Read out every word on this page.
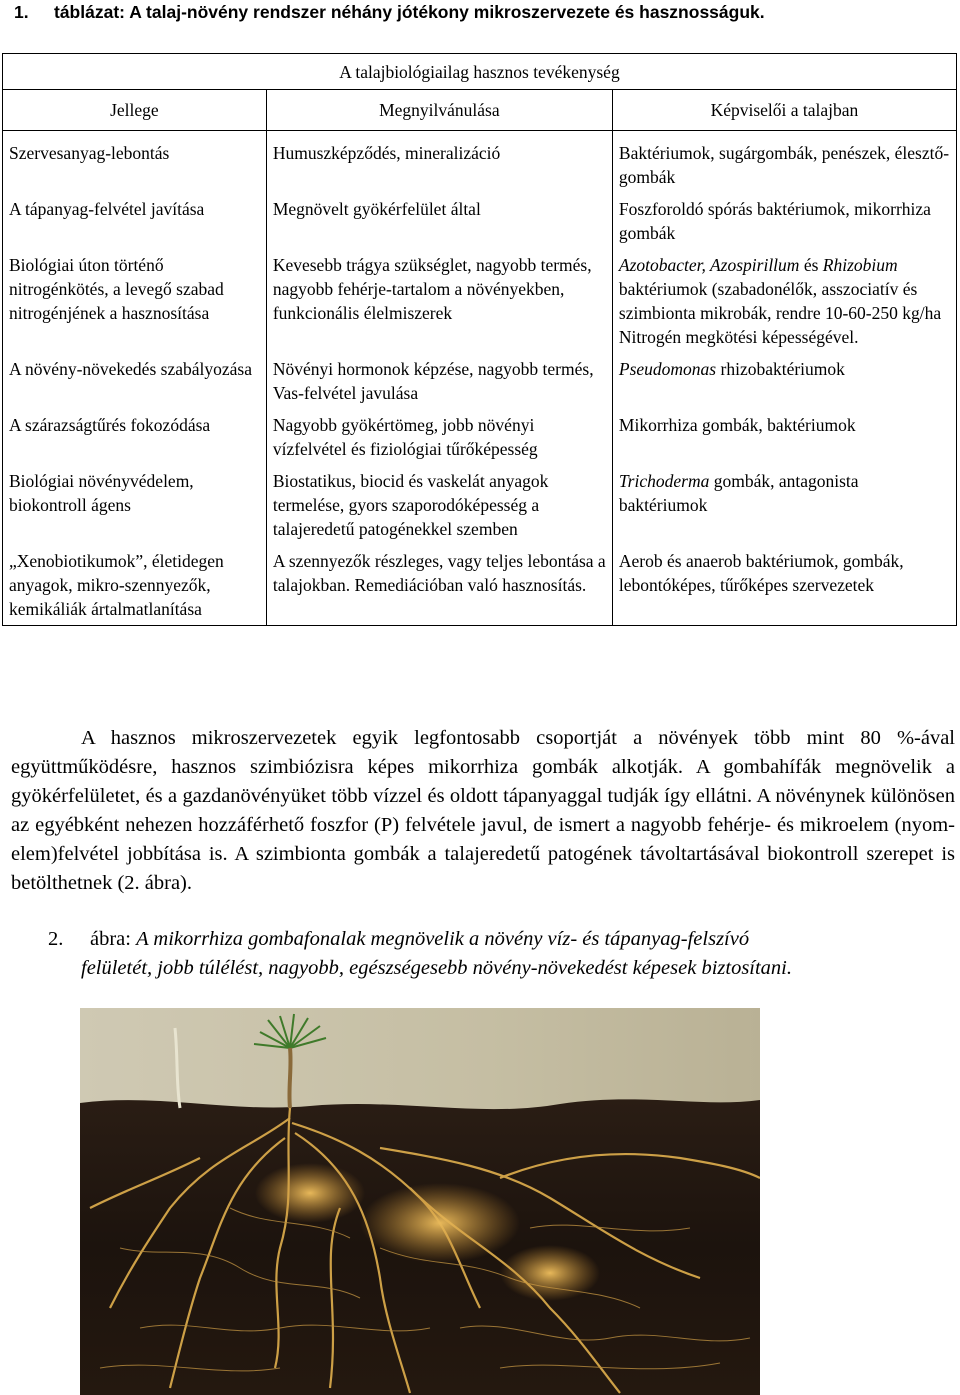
1. táblázat: A talaj-növény rendszer néhány jótékony mikroszervezete és hasznosságuk.
A talajbiológiailag hasznos tevékenység		
Jellege	Megnyilvánulása	Képviselői a talajban
Szervesanyag-lebontás	Humuszképződés, mineralizáció	Baktériumok, sugárgombák, penészek, élesztő-gombák
A tápanyag-felvétel javítása	Megnövelt gyökérfelület által	Foszforoldó spórás baktériumok, mikorrhiza gombák
Biológiai úton történő nitrogénkötés, a levegő szabad nitrogénjének a hasznosítása	Kevesebb trágya szükséglet, nagyobb termés, nagyobb fehérje-tartalom a növényekben, funkcionális élelmiszerek	Azotobacter, Azospirillum és Rhizobium baktériumok (szabadonélők, asszociatív és szimbionta mikrobák, rendre 10-60-250 kg/ha Nitrogén megkötési képességével.
A növény-növekedés szabályozása	Növényi hormonok képzése, nagyobb termés, Vas-felvétel javulása	Pseudomonas rhizobaktériumok
A szárazságtűrés fokozódása	Nagyobb gyökértömeg, jobb növényi vízfelvétel és fiziológiai tűrőképesség	Mikorrhiza gombák, baktériumok
Biológiai növényvédelem, biokontroll ágens	Biostatikus, biocid és vaskelát anyagok termelése, gyors szaporodóképesség a talajeredetű patogénekkel szemben	Trichoderma gombák, antagonista baktériumok
„Xenobiotikumok”, életidegen anyagok, mikro-szennyezők, kemikáliák ártalmatlanítása	A szennyezők részleges, vagy teljes lebontása a talajokban. Remediációban való hasznosítás.	Aerob és anaerob baktériumok, gombák, lebontóképes, tűrőképes szervezetek

A hasznos mikroszervezetek egyik legfontosabb csoportját a növények több mint 80 %-ával együttműködésre, hasznos szimbiózisra képes mikorrhiza gombák alkotják. A gombahífák megnövelik a gyökérfelületet, és a gazdanövényüket több vízzel és oldott tápanyaggal tudják így ellátni. A növénynek különösen az egyébként nehezen hozzáférhető foszfor (P) felvétele javul, de ismert a nagyobb fehérje- és mikroelem (nyom-elem)felvétel jobbítása is. A szimbionta gombák a talajeredetű patogének távoltartásával biokontroll szerepet is betölthetnek (2. ábra).

2. ábra: A mikorrhiza gombafonalak megnövelik a növény víz- és tápanyag-felszívó
felületét, jobb túlélést, nagyobb, egészségesebb növény-növekedést képesek biztosítani.
